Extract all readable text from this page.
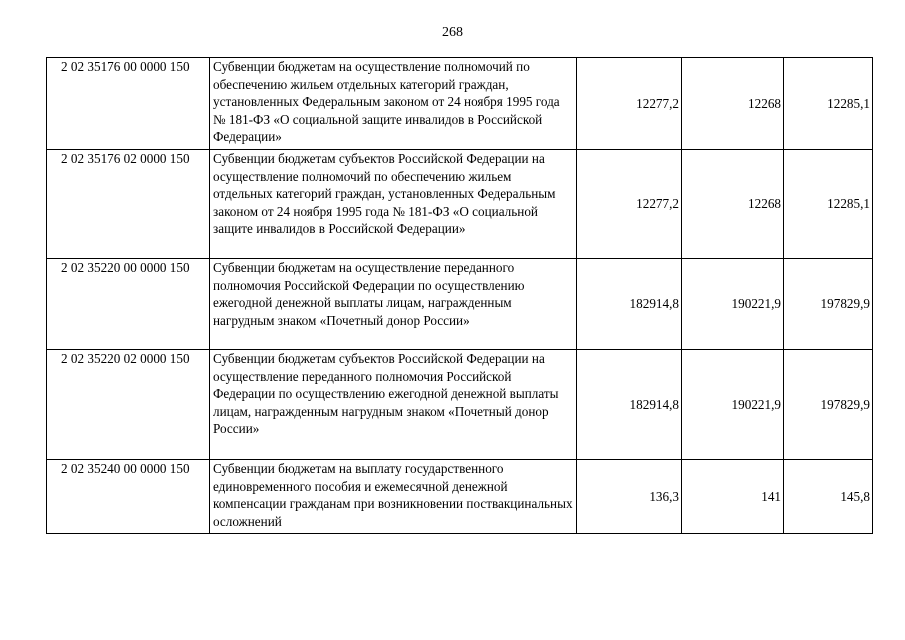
268
2 02 35176 00 0000 150	Субвенции бюджетам на осуществление полномочий по обеспечению жильем отдельных категорий граждан, установленных Федеральным законом от 24 ноября 1995 года № 181-ФЗ «О социальной защите инвалидов в Российской Федерации»	12277,2	12268	12285,1
2 02 35176 02 0000 150	Субвенции бюджетам субъектов Российской Федерации на осуществление полномочий по обеспечению жильем отдельных категорий граждан, установленных Федеральным законом от 24 ноября 1995 года № 181-ФЗ «О социальной защите инвалидов в Российской Федерации»	12277,2	12268	12285,1
2 02 35220 00 0000 150	Субвенции бюджетам на осуществление переданного полномочия Российской Федерации по осуществлению ежегодной денежной выплаты лицам, награжденным нагрудным знаком «Почетный донор России»	182914,8	190221,9	197829,9
2 02 35220 02 0000 150	Субвенции бюджетам субъектов Российской Федерации на осуществление переданного полномочия Российской Федерации по осуществлению ежегодной денежной выплаты лицам, награжденным нагрудным знаком «Почетный донор России»	182914,8	190221,9	197829,9
2 02 35240 00 0000 150	Субвенции бюджетам на выплату государственного единовременного пособия и ежемесячной денежной компенсации гражданам при возникновении поствакцинальных осложнений	136,3	141	145,8
